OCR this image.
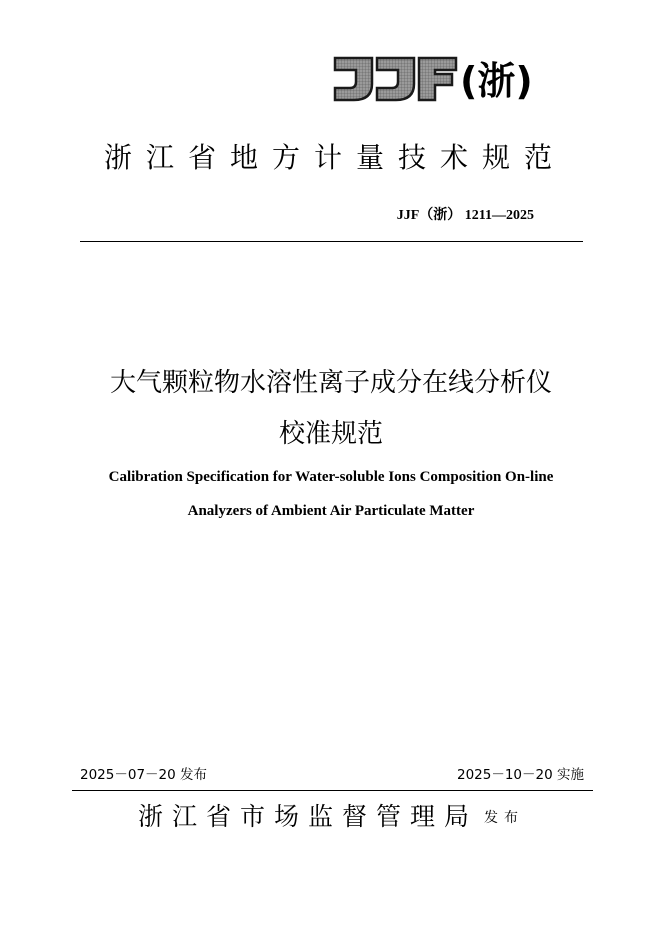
(浙)
浙江省地方计量技术规范
JJF（浙） 1211—2025
大气颗粒物水溶性离子成分在线分析仪
校准规范
Calibration Specification for Water-soluble Ions Composition On-line
Analyzers of Ambient Air Particulate Matter
2025－07－20 发布	2025－10－20 实施
浙江省市场监督管理局 发布
